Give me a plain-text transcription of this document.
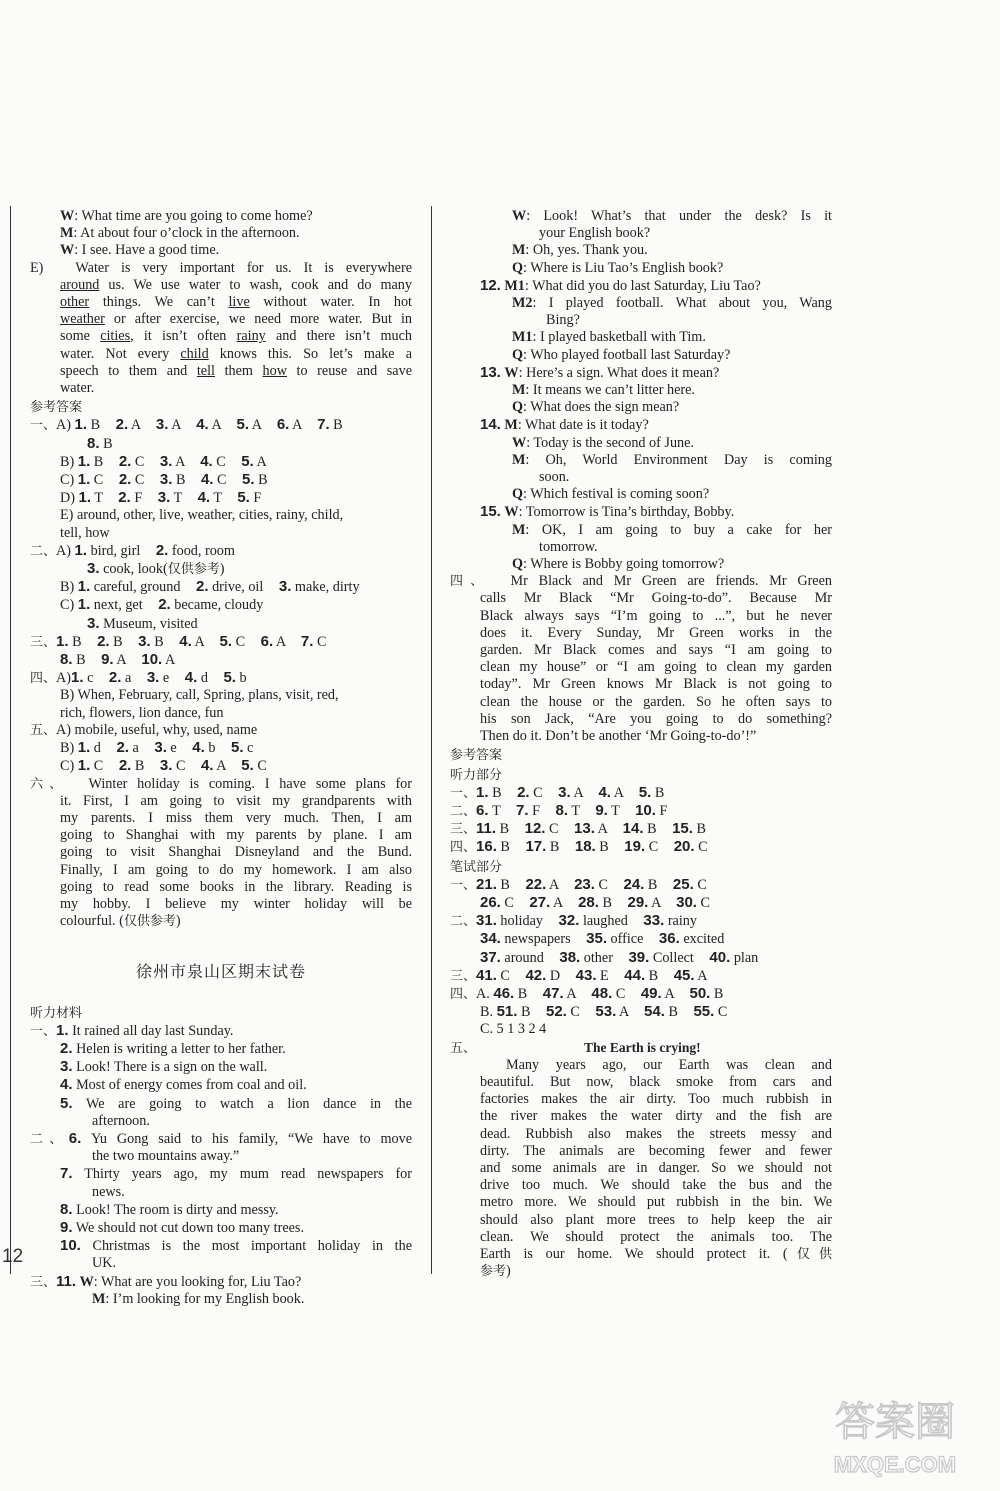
W: What time are you going to come home?
M: At about four o’clock in the afternoon.
W: I see. Have a good time.
E) Water is very important for us. It is everywhere
around us. We use water to wash, cook and do many
other things. We can’t live without water. In hot
weather or after exercise, we need more water. But in
some cities, it isn’t often rainy and there isn’t much
water. Not every child knows this. So let’s make a
speech to them and tell them how to reuse and save
water.
参考答案
一、A) 1. B 2. A 3. A 4. A 5. A 6. A 7. B
8. B
B) 1. B 2. C 3. A 4. C 5. A
C) 1. C 2. C 3. B 4. C 5. B
D) 1. T 2. F 3. T 4. T 5. F
E) around, other, live, weather, cities, rainy, child,
tell, how
二、A) 1. bird, girl 2. food, room
3. cook, look(仅供参考)
B) 1. careful, ground 2. drive, oil 3. make, dirty
C) 1. next, get 2. became, cloudy
3. Museum, visited
三、1. B 2. B 3. B 4. A 5. C 6. A 7. C
8. B 9. A 10. A
四、A)1. c 2. a 3. e 4. d 5. b
B) When, February, call, Spring, plans, visit, red,
rich, flowers, lion dance, fun
五、A) mobile, useful, why, used, name
B) 1. d 2. a 3. e 4. b 5. c
C) 1. C 2. B 3. C 4. A 5. C
六、 Winter holiday is coming. I have some plans for
it. First, I am going to visit my grandparents with
my parents. I miss them very much. Then, I am
going to Shanghai with my parents by plane. I am
going to visit Shanghai Disneyland and the Bund.
Finally, I am going to do my homework. I am also
going to read some books in the library. Reading is
my hobby. I believe my winter holiday will be
colourful. (仅供参考)
徐州市泉山区期末试卷
听力材料
一、1. It rained all day last Sunday.
2. Helen is writing a letter to her father.
3. Look! There is a sign on the wall.
4. Most of energy comes from coal and oil.
5. We are going to watch a lion dance in the
afternoon.
二、6. Yu Gong said to his family, “We have to move
the two mountains away.”
7. Thirty years ago, my mum read newspapers for
news.
8. Look! The room is dirty and messy.
9. We should not cut down too many trees.
10. Christmas is the most important holiday in the
UK.
三、11. W: What are you looking for, Liu Tao?
M: I’m looking for my English book.
W: Look! What’s that under the desk? Is it
your English book?
M: Oh, yes. Thank you.
Q: Where is Liu Tao’s English book?
12. M1: What did you do last Saturday, Liu Tao?
M2: I played football. What about you, Wang
Bing?
M1: I played basketball with Tim.
Q: Who played football last Saturday?
13. W: Here’s a sign. What does it mean?
M: It means we can’t litter here.
Q: What does the sign mean?
14. M: What date is it today?
W: Today is the second of June.
M: Oh, World Environment Day is coming
soon.
Q: Which festival is coming soon?
15. W: Tomorrow is Tina’s birthday, Bobby.
M: OK, I am going to buy a cake for her
tomorrow.
Q: Where is Bobby going tomorrow?
四、 Mr Black and Mr Green are friends. Mr Green
calls Mr Black “Mr Going-to-do”. Because Mr
Black always says “I’m going to ...”, but he never
does it. Every Sunday, Mr Green works in the
garden. Mr Black comes and says “I am going to
clean my house” or “I am going to clean my garden
today”. Mr Green knows Mr Black is not going to
clean the house or the garden. So he often says to
his son Jack, “Are you going to do something?
Then do it. Don’t be another ‘Mr Going-to-do’!”
参考答案
听力部分
一、1. B 2. C 3. A 4. A 5. B
二、6. T 7. F 8. T 9. T 10. F
三、11. B 12. C 13. A 14. B 15. B
四、16. B 17. B 18. B 19. C 20. C
笔试部分
一、21. B 22. A 23. C 24. B 25. C
26. C 27. A 28. B 29. A 30. C
二、31. holiday 32. laughed 33. rainy
34. newspapers 35. office 36. excited
37. around 38. other 39. Collect 40. plan
三、41. C 42. D 43. E 44. B 45. A
四、A. 46. B 47. A 48. C 49. A 50. B
B. 51. B 52. C 53. A 54. B 55. C
C. 5 1 3 2 4
五、	The Earth is crying!
Many years ago, our Earth was clean and
beautiful. But now, black smoke from cars and
factories makes the air dirty. Too much rubbish in
the river makes the water dirty and the fish are
dead. Rubbish also makes the streets messy and
dirty. The animals are becoming fewer and fewer
and some animals are in danger. So we should not
drive too much. We should take the bus and the
metro more. We should put rubbish in the bin. We
should also plant more trees to help keep the air
clean. We should protect the animals too. The
Earth is our home. We should protect it. (仅供
参考)
12
答案圈
MXQE.COM
